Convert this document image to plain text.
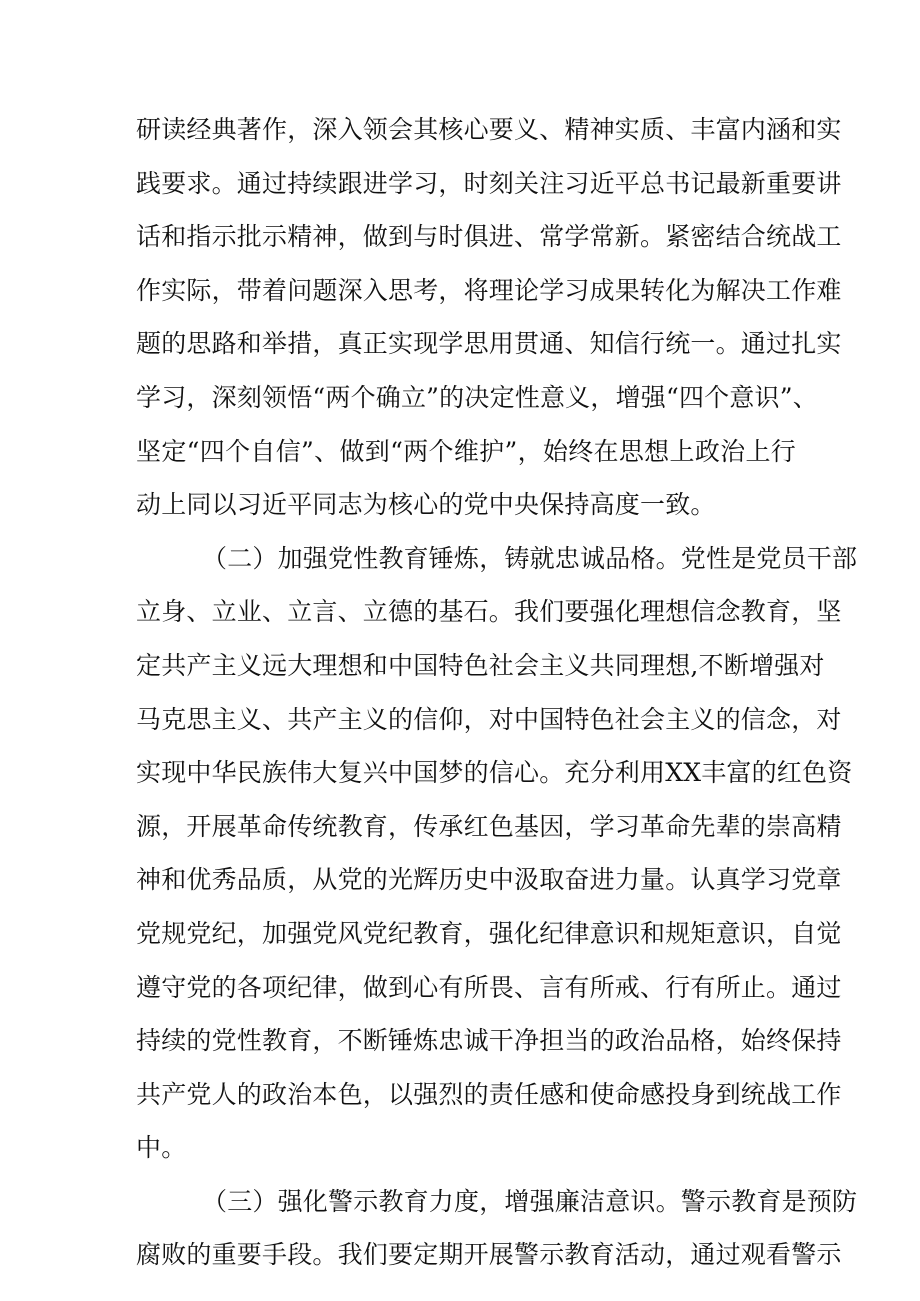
研读经典著作，深入领会其核心要义、精神实质、丰富内涵和实
践要求。通过持续跟进学习，时刻关注习近平总书记最新重要讲
话和指示批示精神，做到与时俱进、常学常新。紧密结合统战工
作实际，带着问题深入思考，将理论学习成果转化为解决工作难
题的思路和举措，真正实现学思用贯通、知信行统一。通过扎实
学习，深刻领悟“两个确立”的决定性意义，增强“四个意识”、
坚定“四个自信”、做到“两个维护”，始终在思想上政治上行
动上同以习近平同志为核心的党中央保持高度一致。
（二）加强党性教育锤炼，铸就忠诚品格。党性是党员干部
立身、立业、立言、立德的基石。我们要强化理想信念教育，坚
定共产主义远大理想和中国特色社会主义共同理想,不断增强对
马克思主义、共产主义的信仰，对中国特色社会主义的信念，对
实现中华民族伟大复兴中国梦的信心。充分利用XX丰富的红色资
源，开展革命传统教育，传承红色基因，学习革命先辈的崇高精
神和优秀品质，从党的光辉历史中汲取奋进力量。认真学习党章
党规党纪，加强党风党纪教育，强化纪律意识和规矩意识，自觉
遵守党的各项纪律，做到心有所畏、言有所戒、行有所止。通过
持续的党性教育，不断锤炼忠诚干净担当的政治品格，始终保持
共产党人的政治本色，以强烈的责任感和使命感投身到统战工作
中。
（三）强化警示教育力度，增强廉洁意识。警示教育是预防
腐败的重要手段。我们要定期开展警示教育活动，通过观看警示
